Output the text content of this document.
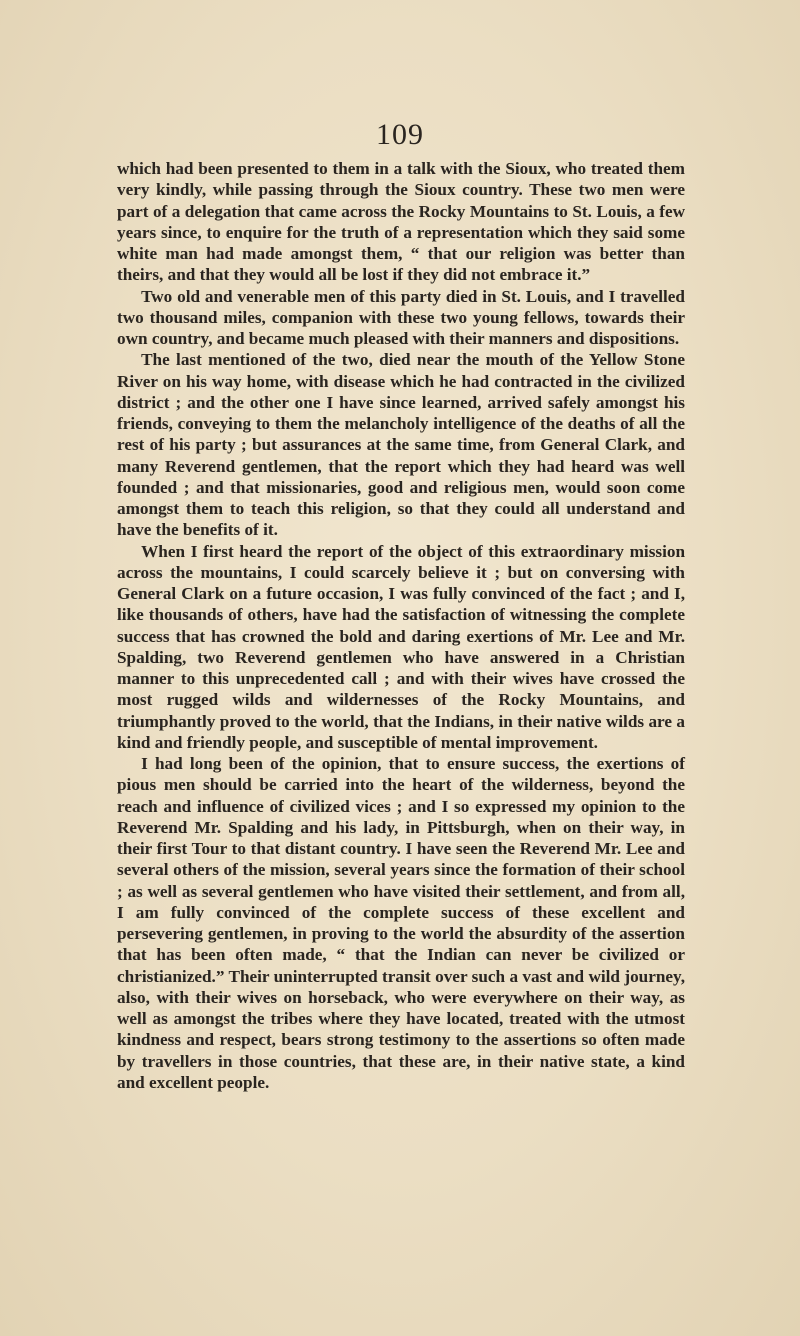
109

which had been presented to them in a talk with the Sioux, who treated them very kindly, while passing through the Sioux country. These two men were part of a delegation that came across the Rocky Mountains to St. Louis, a few years since, to enquire for the truth of a representation which they said some white man had made amongst them, “ that our religion was better than theirs, and that they would all be lost if they did not embrace it.”

Two old and venerable men of this party died in St. Louis, and I travelled two thousand miles, companion with these two young fellows, towards their own country, and became much pleased with their manners and dispositions.

The last mentioned of the two, died near the mouth of the Yellow Stone River on his way home, with disease which he had contracted in the civilized district ; and the other one I have since learned, arrived safely amongst his friends, conveying to them the melancholy intelligence of the deaths of all the rest of his party ; but assurances at the same time, from General Clark, and many Reverend gentlemen, that the report which they had heard was well founded ; and that missionaries, good and religious men, would soon come amongst them to teach this religion, so that they could all understand and have the benefits of it.

When I first heard the report of the object of this extraordinary mission across the mountains, I could scarcely believe it ; but on conversing with General Clark on a future occasion, I was fully convinced of the fact ; and I, like thousands of others, have had the satisfaction of witnessing the complete success that has crowned the bold and daring exertions of Mr. Lee and Mr. Spalding, two Reverend gentlemen who have answered in a Christian manner to this unprecedented call ; and with their wives have crossed the most rugged wilds and wildernesses of the Rocky Mountains, and triumphantly proved to the world, that the Indians, in their native wilds are a kind and friendly people, and susceptible of mental improvement.

I had long been of the opinion, that to ensure success, the exertions of pious men should be carried into the heart of the wilderness, beyond the reach and influence of civilized vices ; and I so expressed my opinion to the Reverend Mr. Spalding and his lady, in Pittsburgh, when on their way, in their first Tour to that distant country. I have seen the Reverend Mr. Lee and several others of the mission, several years since the formation of their school ; as well as several gentlemen who have visited their settlement, and from all, I am fully convinced of the complete success of these excellent and persevering gentlemen, in proving to the world the absurdity of the assertion that has been often made, “ that the Indian can never be civilized or christianized.” Their uninterrupted transit over such a vast and wild journey, also, with their wives on horseback, who were everywhere on their way, as well as amongst the tribes where they have located, treated with the utmost kindness and respect, bears strong testimony to the assertions so often made by travellers in those countries, that these are, in their native state, a kind and excellent people.
